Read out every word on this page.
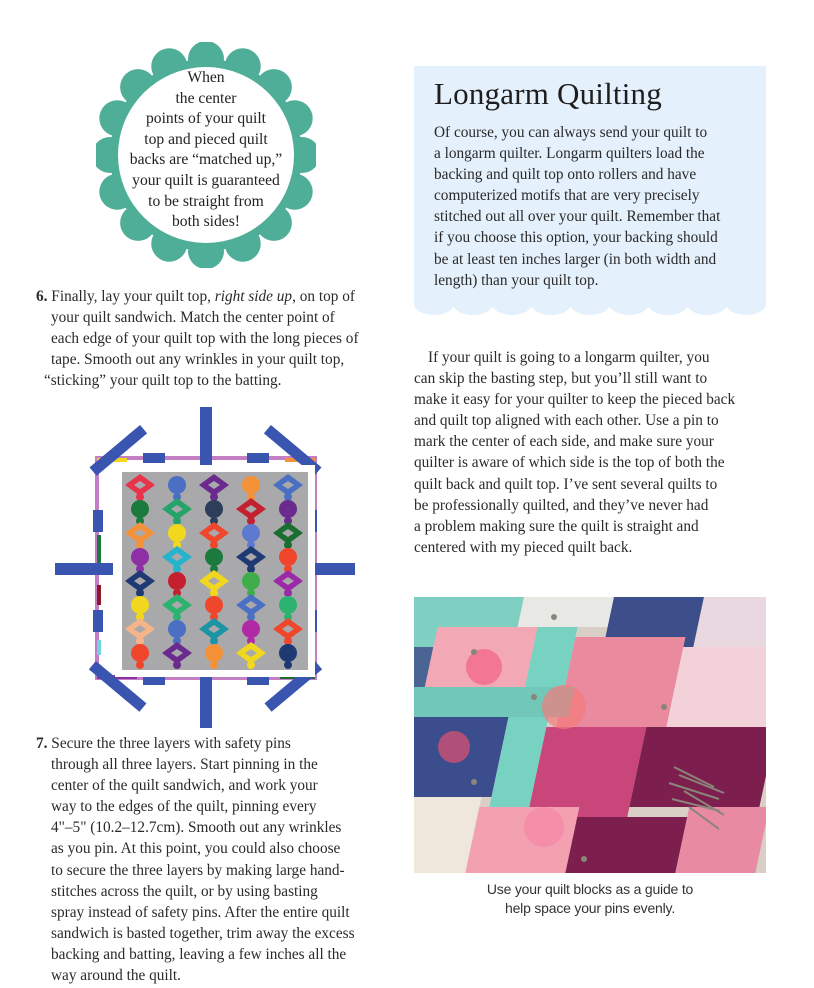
When
the center
points of your quilt
top and pieced quilt
backs are “matched up,”
your quilt is guaranteed
to be straight from
both sides!
Longarm Quilting
Of course, you can always send your quilt to
a longarm quilter. Longarm quilters load the
backing and quilt top onto rollers and have
computerized motifs that are very precisely
stitched out all over your quilt. Remember that
if you choose this option, your backing should
be at least ten inches larger (in both width and
length) than your quilt top.
6. Finally, lay your quilt top, right side up, on top of
your quilt sandwich. Match the center point of
each edge of your quilt top with the long pieces of
tape. Smooth out any wrinkles in your quilt top,
“sticking” your quilt top to the batting.
7. Secure the three layers with safety pins
through all three layers. Start pinning in the
center of the quilt sandwich, and work your
way to the edges of the quilt, pinning every
4"–5" (10.2–12.7cm). Smooth out any wrinkles
as you pin. At this point, you could also choose
to secure the three layers by making large hand-
stitches across the quilt, or by using basting
spray instead of safety pins. After the entire quilt
sandwich is basted together, trim away the excess
backing and batting, leaving a few inches all the
way around the quilt.
If your quilt is going to a longarm quilter, you
can skip the basting step, but you’ll still want to
make it easy for your quilter to keep the pieced back
and quilt top aligned with each other. Use a pin to
mark the center of each side, and make sure your
quilter is aware of which side is the top of both the
quilt back and quilt top. I’ve sent several quilts to
be professionally quilted, and they’ve never had
a problem making sure the quilt is straight and
centered with my pieced quilt back.
Use your quilt blocks as a guide to
help space your pins evenly.
